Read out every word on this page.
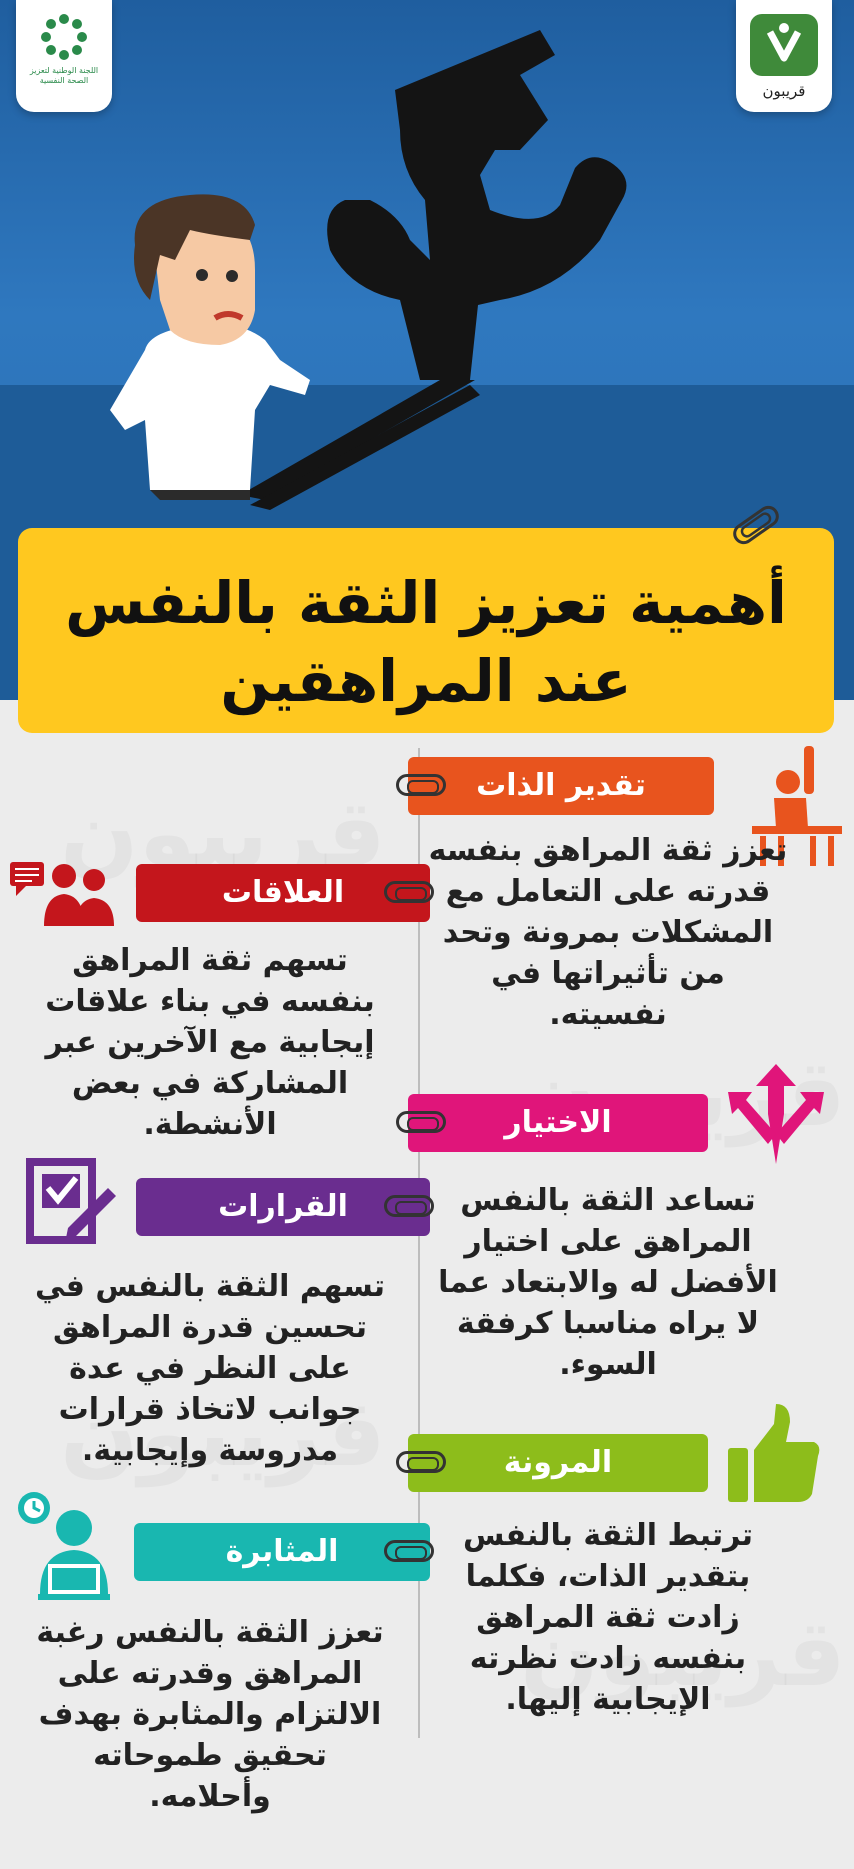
اللجنة الوطنية لتعزيز الصحة النفسية
قريبون
أهمية تعزيز الثقة بالنفس
عند المراهقين
تقدير الذات
تعزز ثقة المراهق بنفسه قدرته على التعامل مع المشكلات بمرونة وتحد من تأثيراتها في نفسيته.
العلاقات
تسهم ثقة المراهق بنفسه في بناء علاقات إيجابية مع الآخرين عبر المشاركة في بعض الأنشطة.	الاختيار
تساعد الثقة بالنفس المراهق على اختيار الأفضل له والابتعاد عما لا يراه مناسبا كرفقة السوء.
القرارات
تسهم الثقة بالنفس في تحسين قدرة المراهق على النظر في عدة جوانب لاتخاذ قرارات مدروسة وإيجابية.	المرونة
ترتبط الثقة بالنفس بتقدير الذات، فكلما زادت ثقة المراهق بنفسه زادت نظرته الإيجابية إليها.
المثابرة
تعزز الثقة بالنفس رغبة المراهق وقدرته على الالتزام والمثابرة بهدف تحقيق طموحاته وأحلامه.
